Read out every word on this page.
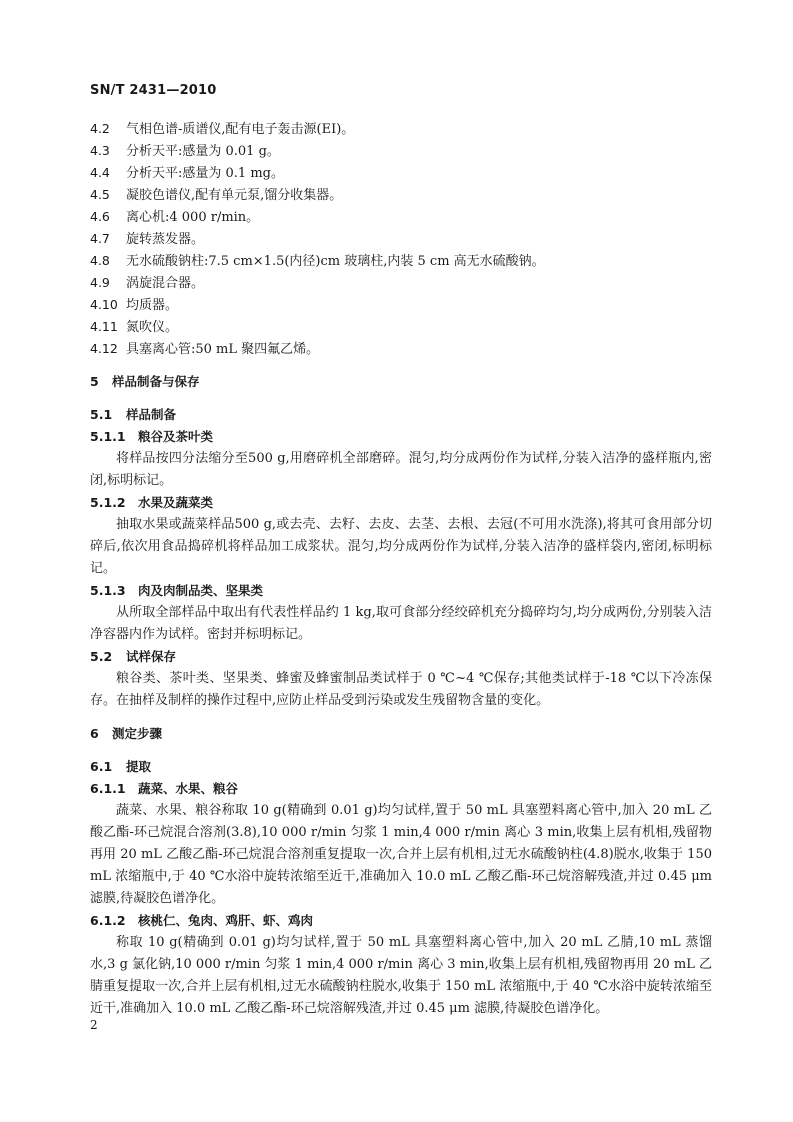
SN/T 2431—2010
4.2 气相色谱-质谱仪,配有电子轰击源(EI)。
4.3 分析天平:感量为 0.01 g。
4.4 分析天平:感量为 0.1 mg。
4.5 凝胶色谱仪,配有单元泵,馏分收集器。
4.6 离心机:4 000 r/min。
4.7 旋转蒸发器。
4.8 无水硫酸钠柱:7.5 cm×1.5(内径)cm 玻璃柱,内装 5 cm 高无水硫酸钠。
4.9 涡旋混合器。
4.10 均质器。
4.11 氮吹仪。
4.12 具塞离心管:50 mL 聚四氟乙烯。
5 样品制备与保存
5.1 样品制备
5.1.1 粮谷及茶叶类
将样品按四分法缩分至500 g,用磨碎机全部磨碎。混匀,均分成两份作为试样,分装入洁净的盛样瓶内,密闭,标明标记。
5.1.2 水果及蔬菜类
抽取水果或蔬菜样品500 g,或去壳、去籽、去皮、去茎、去根、去冠(不可用水洗涤),将其可食用部分切碎后,依次用食品捣碎机将样品加工成浆状。混匀,均分成两份作为试样,分装入洁净的盛样袋内,密闭,标明标记。
5.1.3 肉及肉制品类、坚果类
从所取全部样品中取出有代表性样品约 1 kg,取可食部分经绞碎机充分捣碎均匀,均分成两份,分别装入洁净容器内作为试样。密封并标明标记。
5.2 试样保存
粮谷类、茶叶类、坚果类、蜂蜜及蜂蜜制品类试样于 0 ℃~4 ℃保存;其他类试样于-18 ℃以下冷冻保存。在抽样及制样的操作过程中,应防止样品受到污染或发生残留物含量的变化。
6 测定步骤
6.1 提取
6.1.1 蔬菜、水果、粮谷
蔬菜、水果、粮谷称取 10 g(精确到 0.01 g)均匀试样,置于 50 mL 具塞塑料离心管中,加入 20 mL 乙酸乙酯-环己烷混合溶剂(3.8),10 000 r/min 匀浆 1 min,4 000 r/min 离心 3 min,收集上层有机相,残留物再用 20 mL 乙酸乙酯-环己烷混合溶剂重复提取一次,合并上层有机相,过无水硫酸钠柱(4.8)脱水,收集于 150 mL 浓缩瓶中,于 40 ℃水浴中旋转浓缩至近干,准确加入 10.0 mL 乙酸乙酯-环己烷溶解残渣,并过 0.45 μm 滤膜,待凝胶色谱净化。
6.1.2 核桃仁、兔肉、鸡肝、虾、鸡肉
称取 10 g(精确到 0.01 g)均匀试样,置于 50 mL 具塞塑料离心管中,加入 20 mL 乙腈,10 mL 蒸馏水,3 g 氯化钠,10 000 r/min 匀浆 1 min,4 000 r/min 离心 3 min,收集上层有机相,残留物再用 20 mL 乙腈重复提取一次,合并上层有机相,过无水硫酸钠柱脱水,收集于 150 mL 浓缩瓶中,于 40 ℃水浴中旋转浓缩至近干,准确加入 10.0 mL 乙酸乙酯-环己烷溶解残渣,并过 0.45 μm 滤膜,待凝胶色谱净化。
2
